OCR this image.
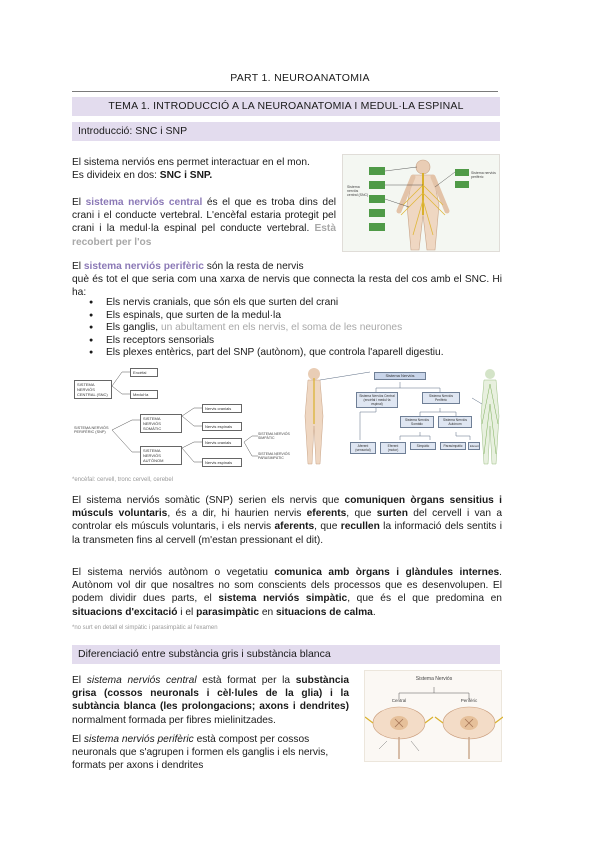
PART 1. NEUROANATOMIA
TEMA 1. INTRODUCCIÓ A LA NEUROANATOMIA I MEDUL·LA ESPINAL
Introducció: SNC i SNP
El sistema nerviós ens permet interactuar en el mon.
Es divideix en dos: SNC i SNP.

El sistema nerviós central és el que es troba dins del crani i el conducte vertebral. L'encèfal estaria protegit pel crani i la medul·la espinal pel conducte vertebral. Està recobert per l'os

Sistema nerviós central (SNC)
Sistema nerviós perifèric
El sistema nerviós perifèric són la resta de nervis

què és tot el que seria com una xarxa de nervis que connecta la resta del cos amb el SNC. Hi ha:

● Els nervis cranials, que són els que surten del crani
● Els espinals, que surten de la medul·la
● Els ganglis, un abultament en els nervis, el soma de les neurones
● Els receptors sensorials
● Els plexes entèrics, part del SNP (autònom), que controla l'aparell digestiu.
SISTEMA NERVIÓS CENTRAL (SNC)
Encèfal
Medul·la
SISTEMA NERVIÓS PERIFÈRIC (SNP)
SISTEMA NERVIÓS SOMÀTIC
SISTEMA NERVIÓS AUTÒNOM
Nervis cranials
Nervis espinals
Nervis cranials
Nervis espinals
SISTEMA NERVIÓS SIMPÀTIC
SISTEMA NERVIÓS PARASIMPÀTIC
Sistema Nerviós
Sistema Nerviós Central (encèfal i medul·la espinal)
Sistema Nerviós Perifèric
Sistema Nerviós Somàtic
Sistema Nerviós Autònom
Aferent (sensorial)
Eferent (motor)
Simpàtic	Parasimpàtic	Eferent
*encèfal: cervell, tronc cervell, cerebel

El sistema nerviós somàtic (SNP) serien els nervis que comuniquen òrgans sensitius i músculs voluntaris, és a dir, hi haurien nervis eferents, que surten del cervell i van a controlar els músculs voluntaris, i els nervis aferents, que recullen la informació dels sentits i la transmeten fins al cervell (m'estan pressionant el dit).

El sistema nerviós autònom o vegetatiu comunica amb òrgans i glàndules internes. Autònom vol dir que nosaltres no som conscients dels processos que es desenvolupen. El podem dividir dues parts, el sistema nerviós simpàtic, que és el que predomina en situacions d'excitació i el parasimpàtic en situacions de calma.

*no surt en detall el simpàtic i parasimpàtic al l'examen
Diferenciació entre substància gris i substància blanca

El sistema nerviós central està format per la substància grisa (cossos neuronals i cèl·lules de la glia) i la subtància blanca (les prolongacions; axons i dendrites) normalment formada per fibres mielinitzades.

El sistema nerviós perifèric està compost per cossos neuronals que s'agrupen i formen els ganglis i els nervis, formats per axons i dendrites

Sistema Nerviós
Central	Perifèric
